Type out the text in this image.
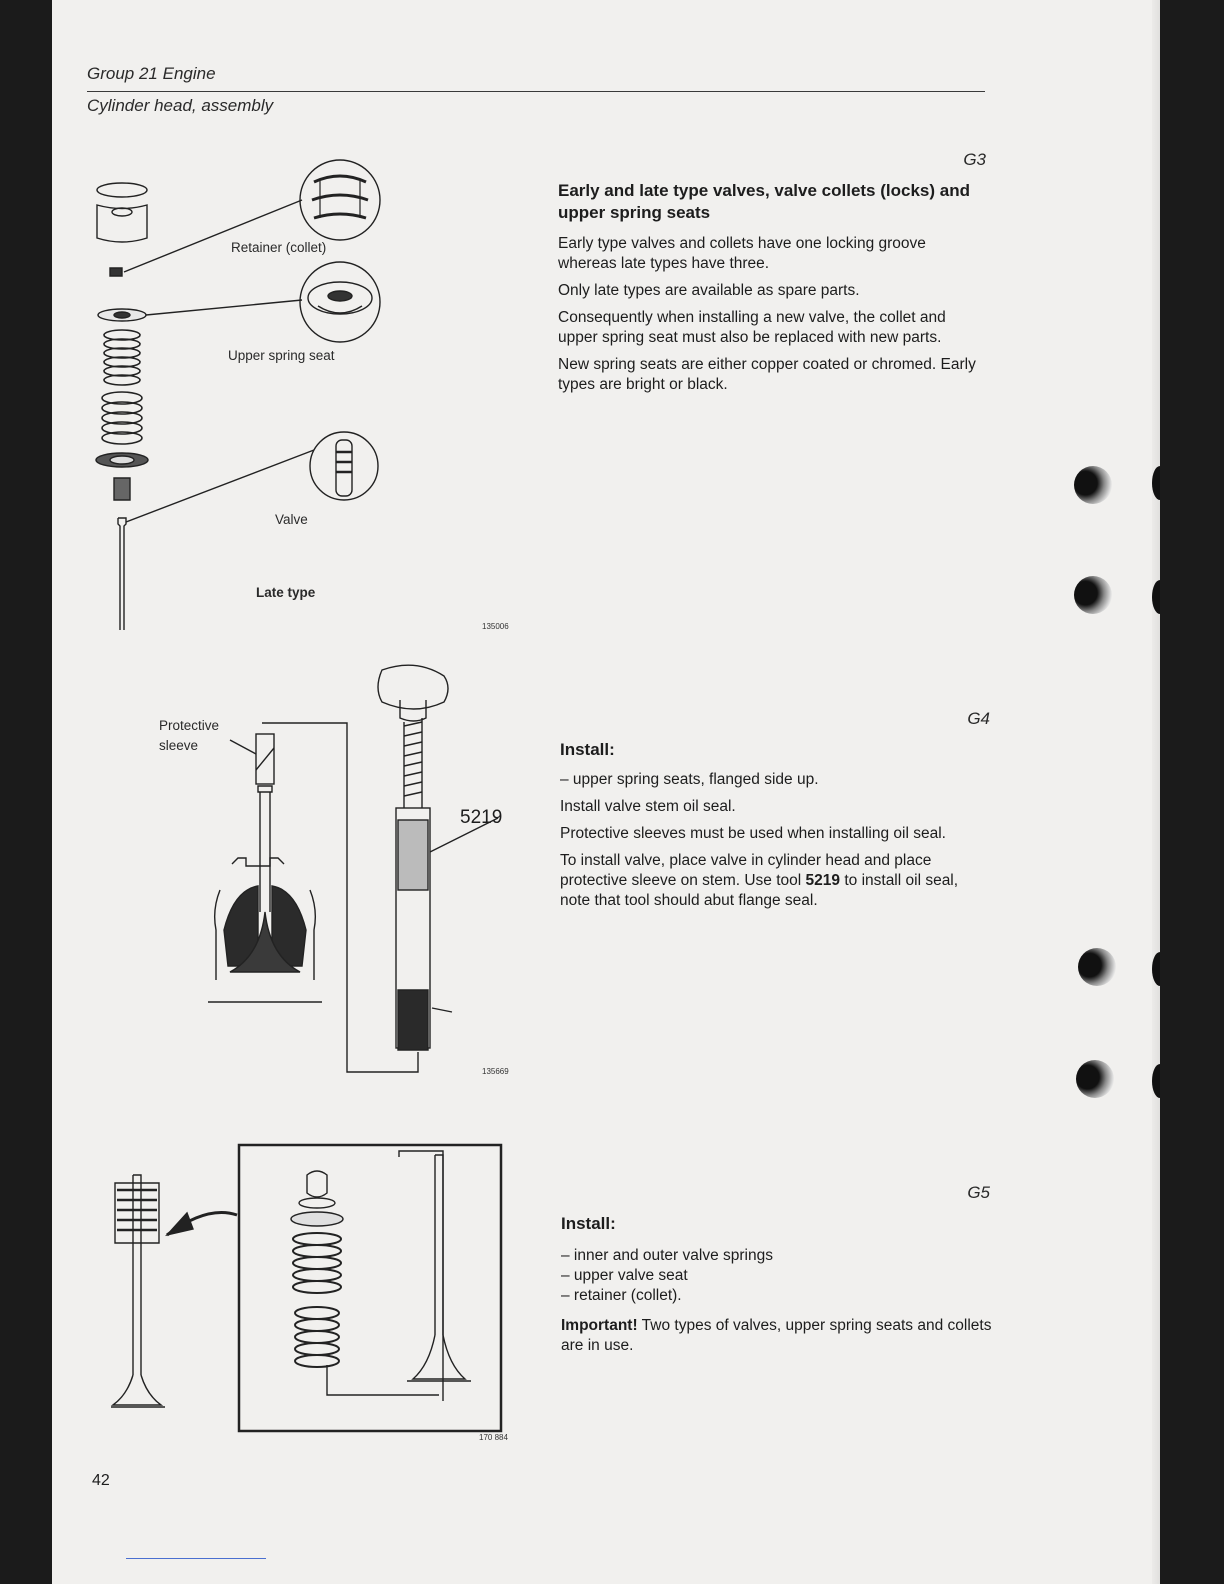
Group 21 Engine
Cylinder head, assembly
G3
Early and late type valves, valve collets (locks) and upper spring seats

Early type valves and collets have one locking groove whereas late types have three.

Only late types are available as spare parts.

Consequently when installing a new valve, the collet and upper spring seat must also be replaced with new parts.

New spring seats are either copper coated or chromed. Early types are bright or black.

Retainer (collet)
Upper spring seat
Valve
Late type
135006
G4
Install:

– upper spring seats, flanged side up.

Install valve stem oil seal.

Protective sleeves must be used when installing oil seal.

To install valve, place valve in cylinder head and place protective sleeve on stem. Use tool 5219 to install oil seal, note that tool should abut flange seal.

Protective
sleeve
5219
135669
G5
Install:
– inner and outer valve springs
– upper valve seat
– retainer (collet).

Important! Two types of valves, upper spring seats and collets are in use.

170 884
42
